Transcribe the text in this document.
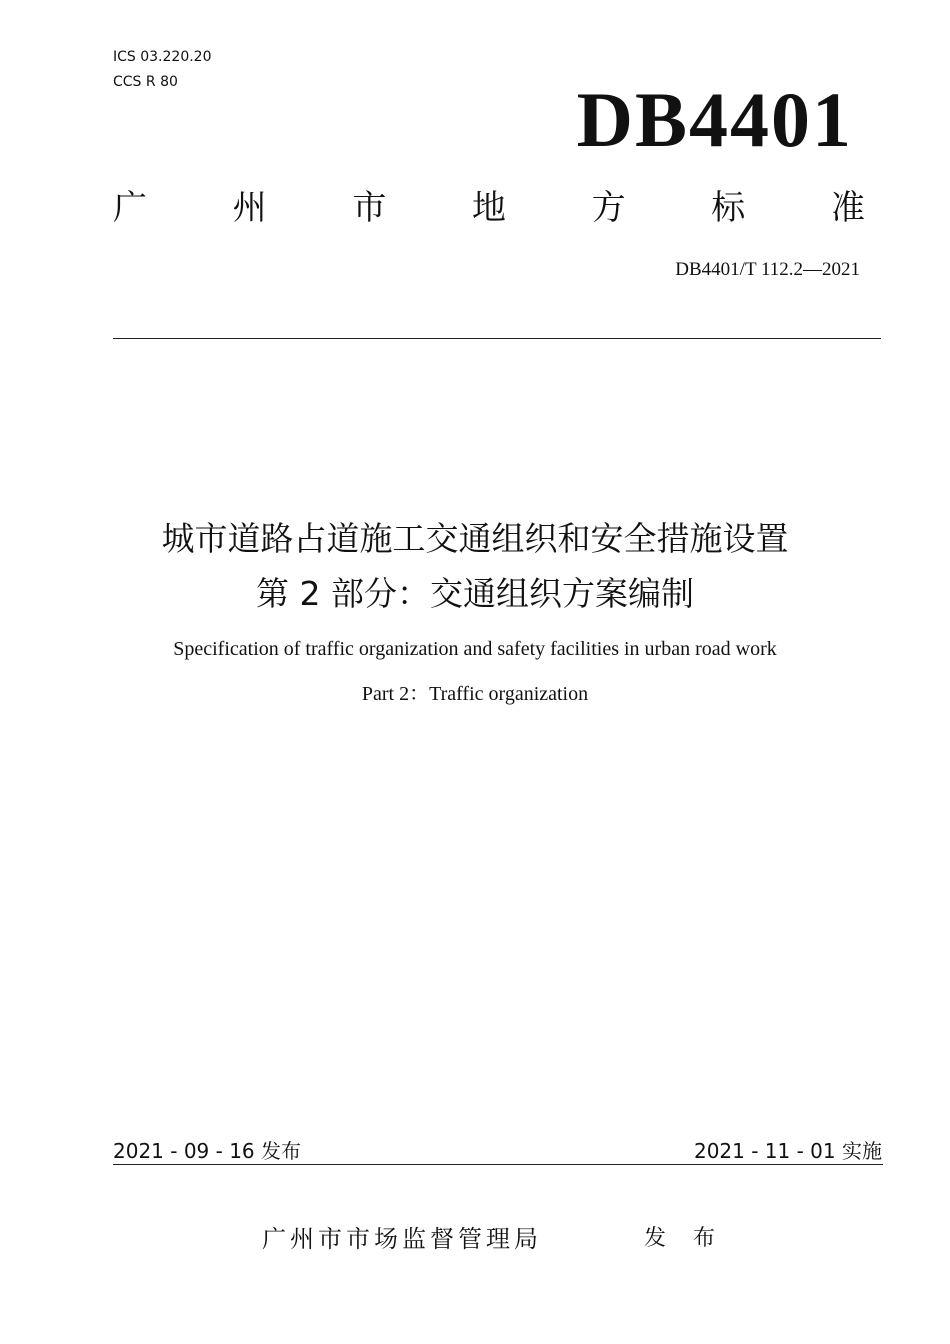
ICS 03.220.20
CCS R 80	DB4401
广	州	市	地	方	标	准
DB4401/T 112.2—2021
城市道路占道施工交通组织和安全措施设置
第 2 部分：交通组织方案编制
Specification of traffic organization and safety facilities in urban road work
Part 2：Traffic organization
2021 - 09 - 16 发布	2021 - 11 - 01 实施
广州市市场监督管理局	发 布
